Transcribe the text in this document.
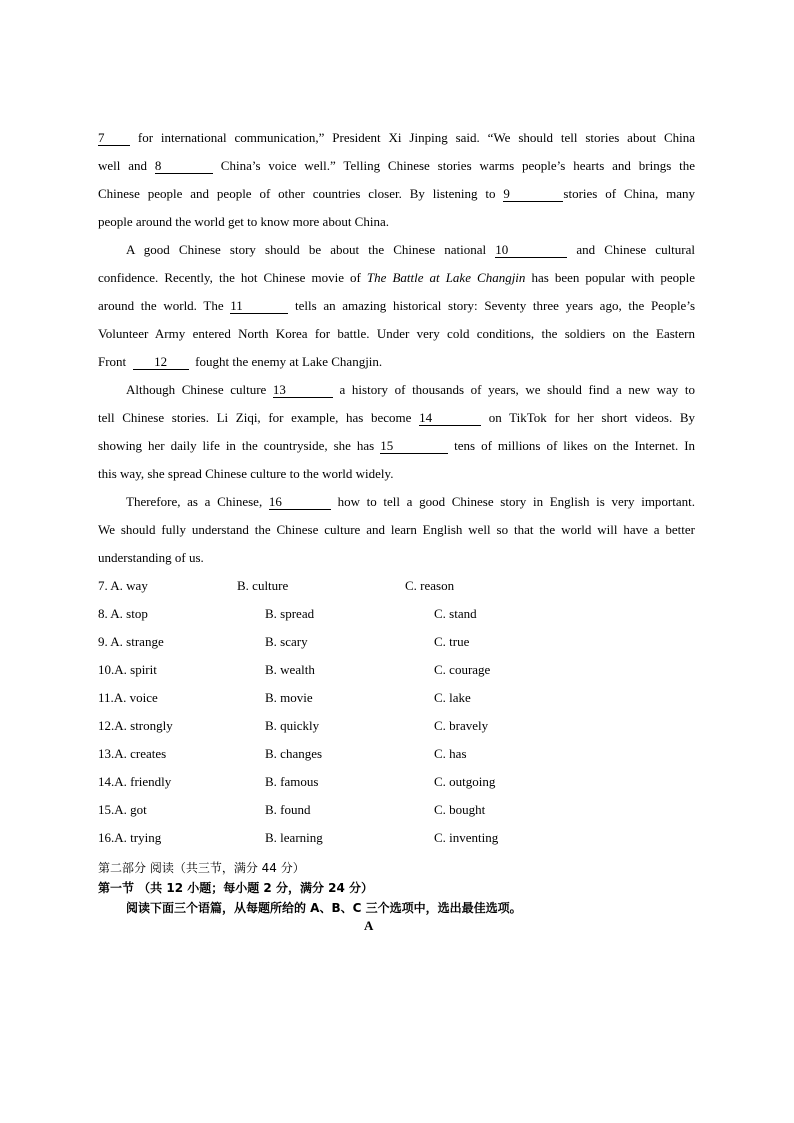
7	for international communication,” President Xi Jinping said. “We should tell stories about China
well and 8	China’s voice well.” Telling Chinese stories warms people’s hearts and brings the
Chinese people and people of other countries closer. By listening to 9	stories of China, many
people around the world get to know more about China.
A good Chinese story should be about the Chinese national 10	and Chinese cultural
confidence. Recently, the hot Chinese movie of The Battle at Lake Changjin has been popular with people
around the world. The 11	tells an amazing historical story: Seventy three years ago, the People’s
Volunteer Army entered North Korea for battle. Under very cold conditions, the soldiers on the Eastern
Front 12 fought the enemy at Lake Changjin.
Although Chinese culture 13	a history of thousands of years, we should find a new way to
tell Chinese stories. Li Ziqi, for example, has become 14	on TikTok for her short videos. By
showing her daily life in the countryside, she has 15	tens of millions of likes on the Internet. In
this way, she spread Chinese culture to the world widely.
Therefore, as a Chinese, 16	how to tell a good Chinese story in English is very important.
We should fully understand the Chinese culture and learn English well so that the world will have a better
understanding of us.
7. A. way	B. culture	C. reason
8. A. stop	B. spread	C. stand
9. A. strange	B. scary	C. true
10.A. spirit	B. wealth	C. courage
11.A. voice	B. movie	C. lake
12.A. strongly	B. quickly	C. bravely
13.A. creates	B. changes	C. has
14.A. friendly	B. famous	C. outgoing
15.A. got	B. found	C. bought
16.A. trying	B. learning	C. inventing
第二部分 阅读（共三节，满分 44 分）
第一节 （共 12 小题；每小题 2 分，满分 24 分）
阅读下面三个语篇，从每题所给的 A、B、C 三个选项中，选出最佳选项。
A
